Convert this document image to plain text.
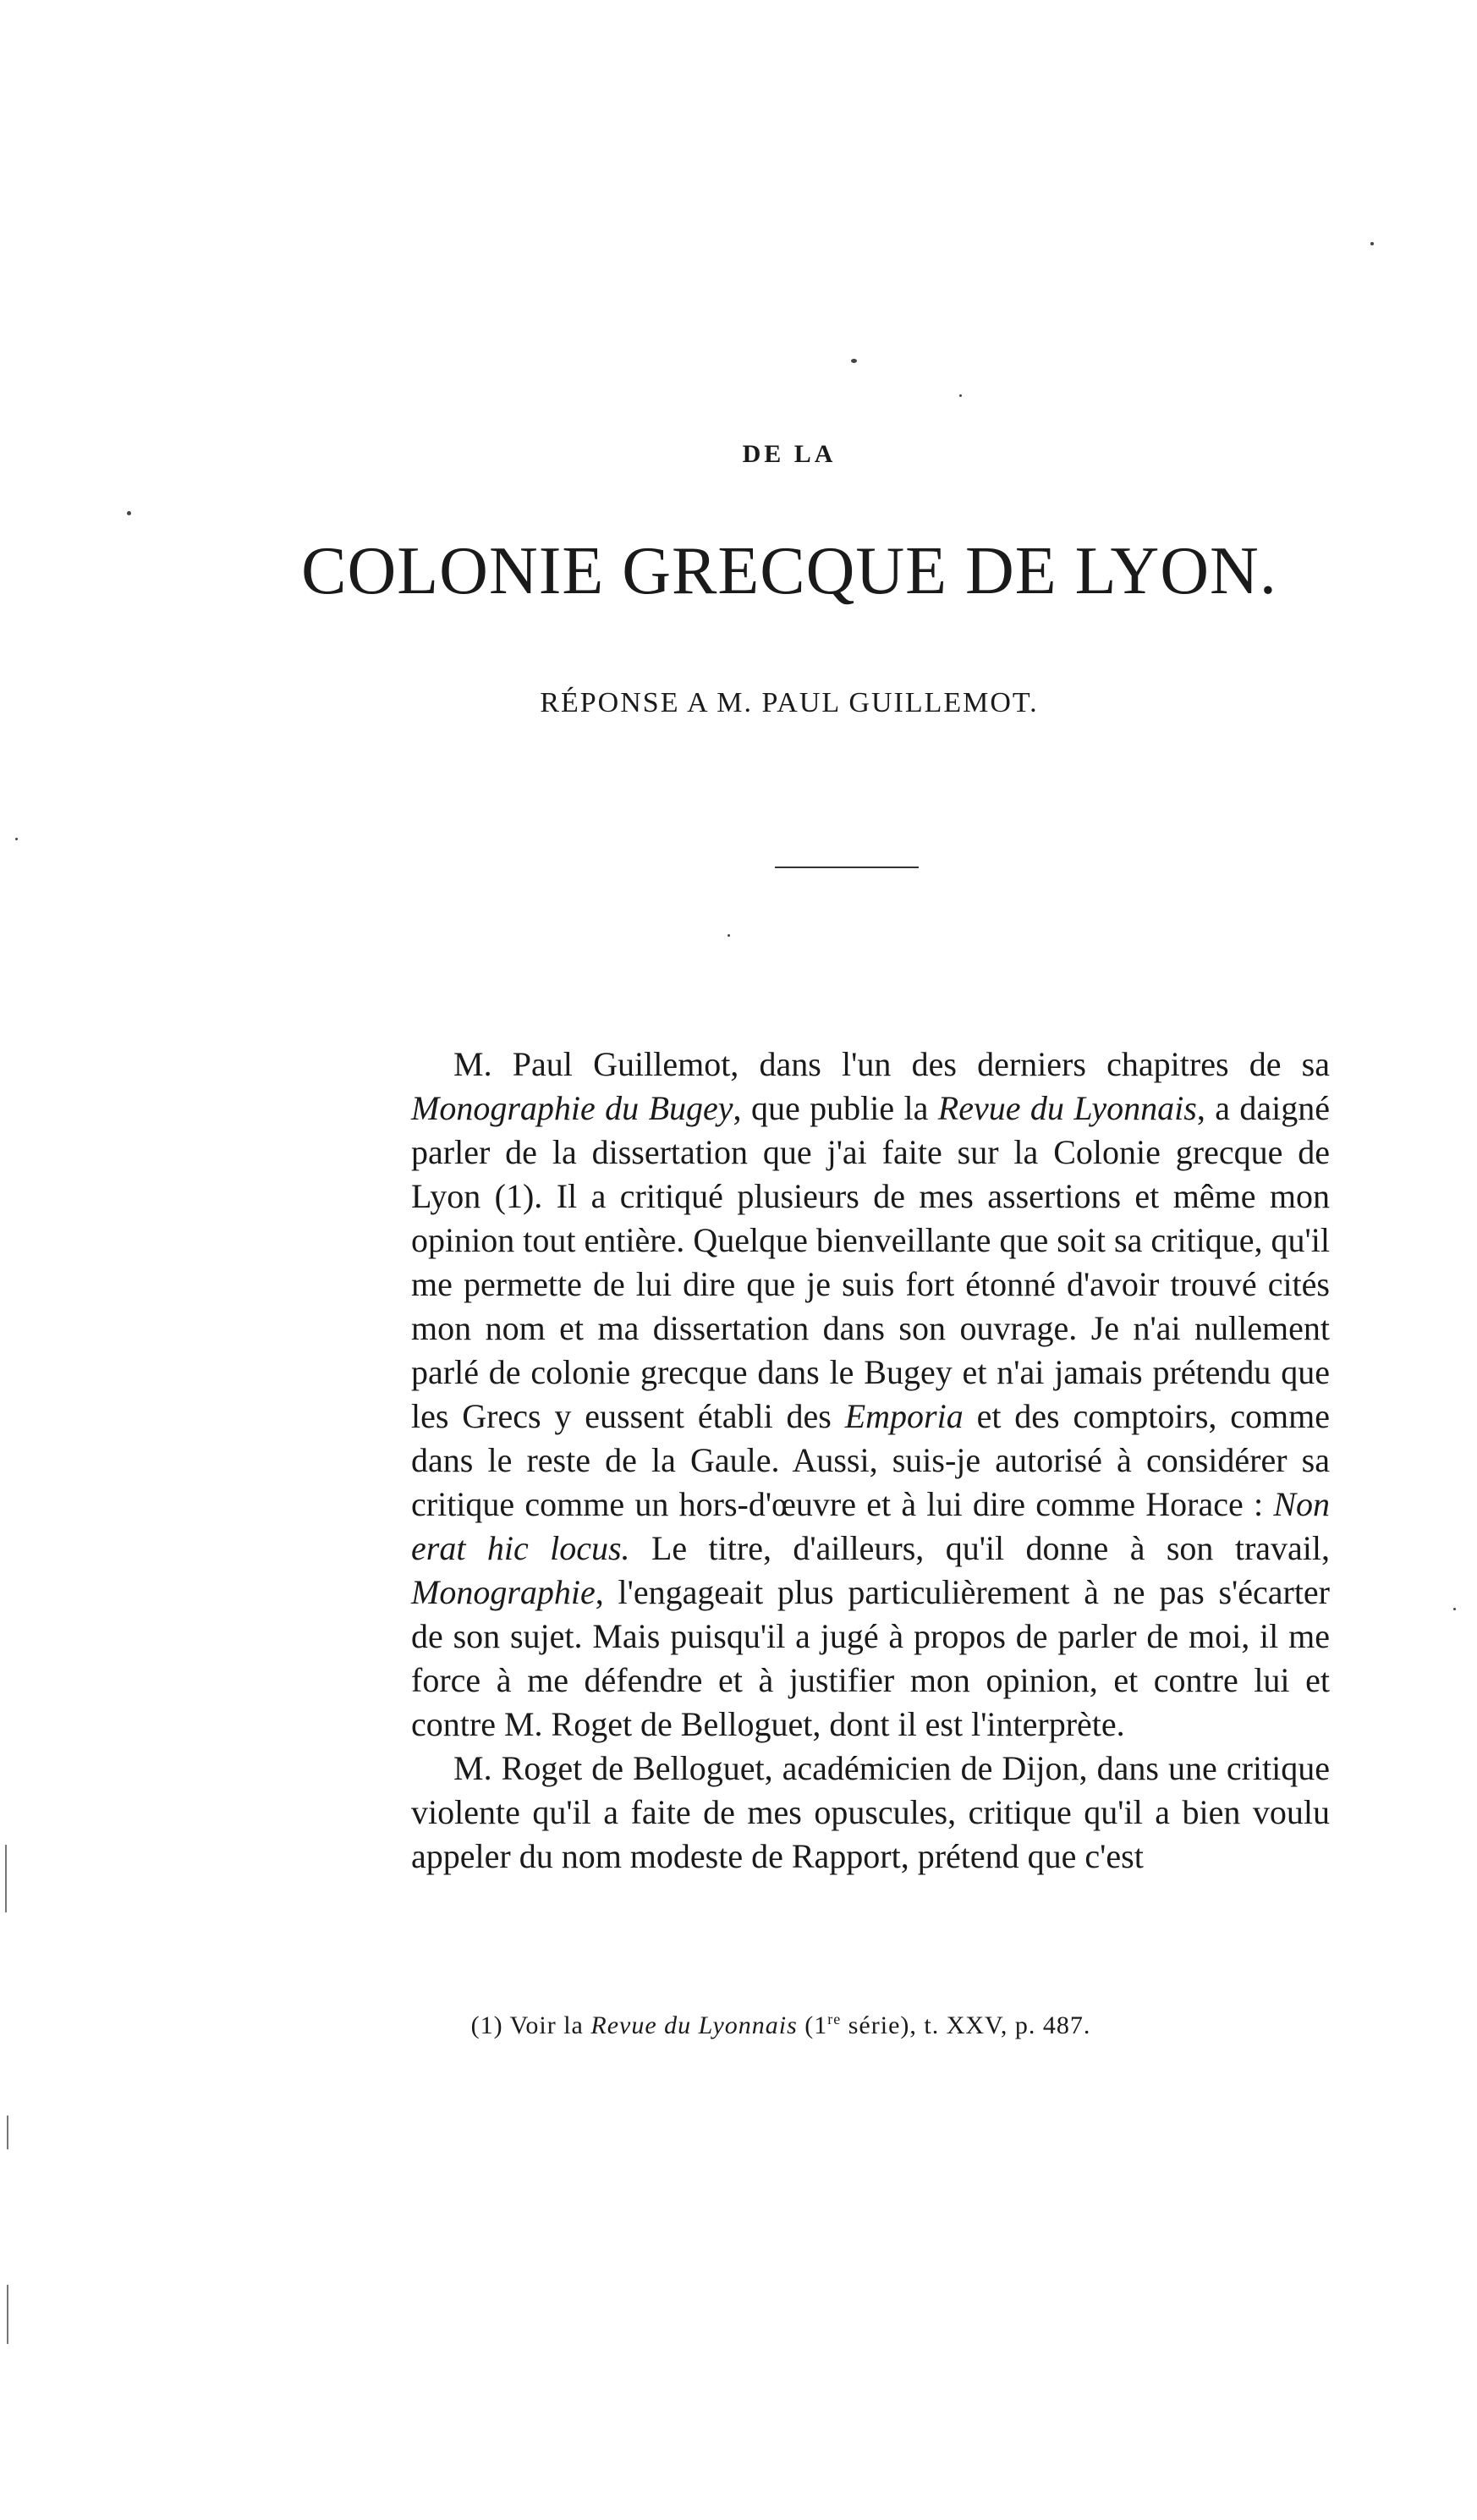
DE LA
COLONIE GRECQUE DE LYON.
RÉPONSE A M. PAUL GUILLEMOT.

M. Paul Guillemot, dans l'un des derniers chapitres de sa Monographie du Bugey, que publie la Revue du Lyonnais, a daigné parler de la dissertation que j'ai faite sur la Colonie grecque de Lyon (1). Il a critiqué plusieurs de mes assertions et même mon opinion tout entière. Quelque bienveillante que soit sa critique, qu'il me permette de lui dire que je suis fort étonné d'avoir trouvé cités mon nom et ma dissertation dans son ouvrage. Je n'ai nullement parlé de colonie grecque dans le Bugey et n'ai jamais prétendu que les Grecs y eussent établi des Emporia et des comptoirs, comme dans le reste de la Gaule. Aussi, suis-je autorisé à considérer sa critique comme un hors-d'œuvre et à lui dire comme Horace : Non erat hic locus. Le titre, d'ailleurs, qu'il donne à son travail, Monographie, l'engageait plus particulièrement à ne pas s'écarter de son sujet. Mais puisqu'il a jugé à propos de parler de moi, il me force à me défendre et à justifier mon opinion, et contre lui et contre M. Roget de Belloguet, dont il est l'interprète.

M. Roget de Belloguet, académicien de Dijon, dans une critique violente qu'il a faite de mes opuscules, critique qu'il a bien voulu appeler du nom modeste de Rapport, prétend que c'est

(1) Voir la Revue du Lyonnais (1re série), t. XXV, p. 487.
